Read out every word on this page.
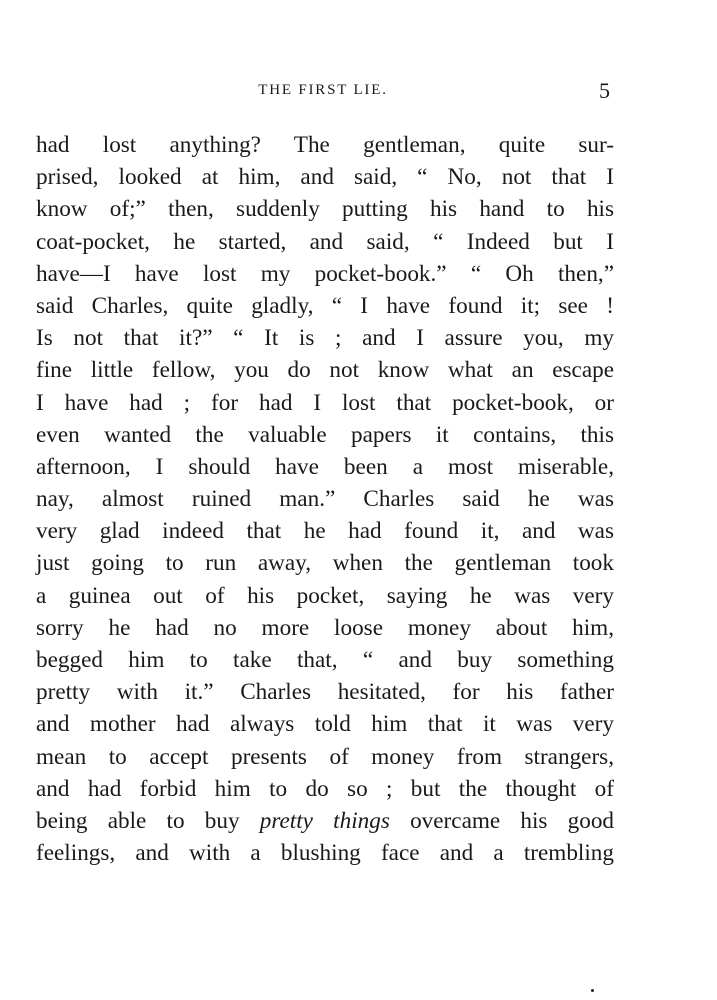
THE FIRST LIE.	5
had lost anything? The gentleman, quite sur-
prised, looked at him, and said, “ No, not that I
know of;” then, suddenly putting his hand to his
coat-pocket, he started, and said, “ Indeed but I
have—I have lost my pocket-book.” “ Oh then,”
said Charles, quite gladly, “ I have found it; see !
Is not that it?” “ It is ; and I assure you, my
fine little fellow, you do not know what an escape
I have had ; for had I lost that pocket-book, or
even wanted the valuable papers it contains, this
afternoon, I should have been a most miserable,
nay, almost ruined man.” Charles said he was
very glad indeed that he had found it, and was
just going to run away, when the gentleman took
a guinea out of his pocket, saying he was very
sorry he had no more loose money about him,
begged him to take that, “ and buy something
pretty with it.” Charles hesitated, for his father
and mother had always told him that it was very
mean to accept presents of money from strangers,
and had forbid him to do so ; but the thought of
being able to buy pretty things overcame his good
feelings, and with a blushing face and a trembling
